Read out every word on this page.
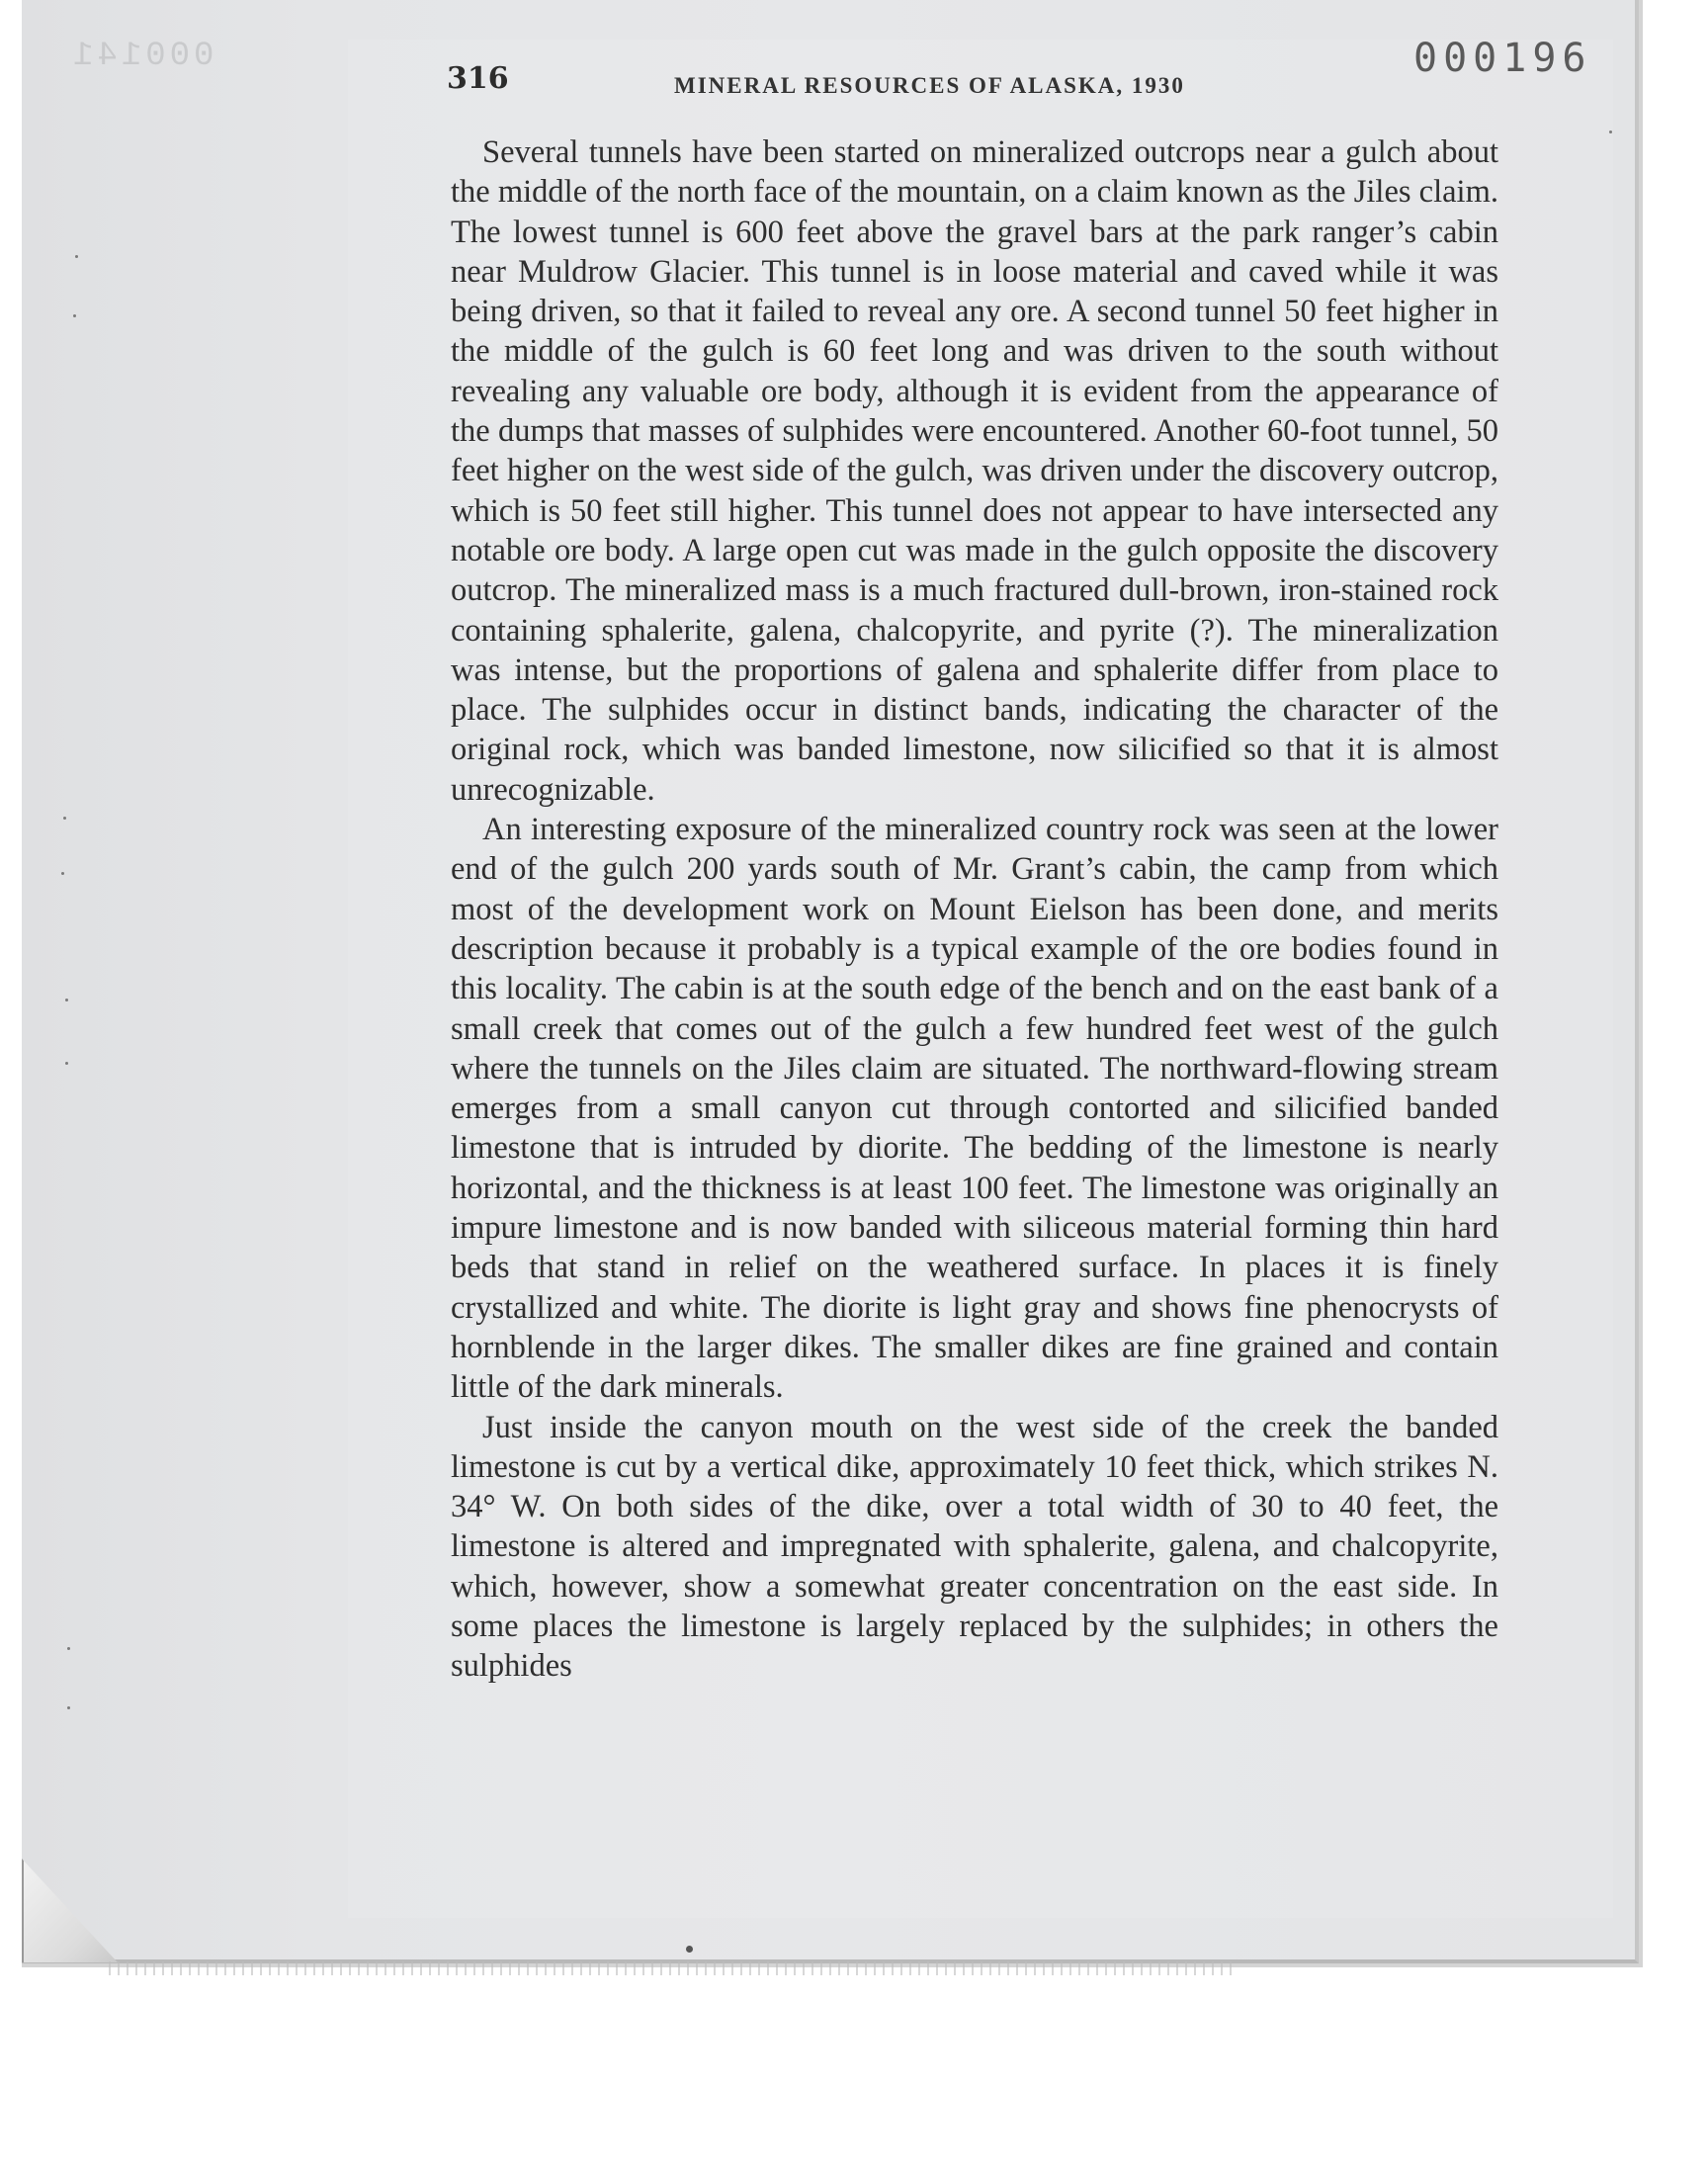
000141	000196
316	MINERAL RESOURCES OF ALASKA, 1930

Several tunnels have been started on mineralized outcrops near a gulch about the middle of the north face of the mountain, on a claim known as the Jiles claim. The lowest tunnel is 600 feet above the gravel bars at the park ranger’s cabin near Muldrow Glacier. This tunnel is in loose material and caved while it was being driven, so that it failed to reveal any ore. A second tunnel 50 feet higher in the middle of the gulch is 60 feet long and was driven to the south without revealing any valuable ore body, although it is evident from the appearance of the dumps that masses of sulphides were encountered. Another 60-foot tunnel, 50 feet higher on the west side of the gulch, was driven under the discovery outcrop, which is 50 feet still higher. This tunnel does not appear to have intersected any notable ore body. A large open cut was made in the gulch opposite the discovery outcrop. The mineralized mass is a much fractured dull-brown, iron-stained rock containing sphalerite, galena, chalcopyrite, and pyrite (?). The mineralization was intense, but the proportions of galena and sphalerite differ from place to place. The sulphides occur in distinct bands, indicating the character of the original rock, which was banded limestone, now silicified so that it is almost unrecognizable.

An interesting exposure of the mineralized country rock was seen at the lower end of the gulch 200 yards south of Mr. Grant’s cabin, the camp from which most of the development work on Mount Eielson has been done, and merits description because it probably is a typical example of the ore bodies found in this locality. The cabin is at the south edge of the bench and on the east bank of a small creek that comes out of the gulch a few hundred feet west of the gulch where the tunnels on the Jiles claim are situated. The northward-flowing stream emerges from a small canyon cut through contorted and silicified banded limestone that is intruded by diorite. The bedding of the limestone is nearly horizontal, and the thickness is at least 100 feet. The limestone was originally an impure limestone and is now banded with siliceous material forming thin hard beds that stand in relief on the weathered surface. In places it is finely crystallized and white. The diorite is light gray and shows fine phenocrysts of hornblende in the larger dikes. The smaller dikes are fine grained and contain little of the dark minerals.

Just inside the canyon mouth on the west side of the creek the banded limestone is cut by a vertical dike, approximately 10 feet thick, which strikes N. 34° W. On both sides of the dike, over a total width of 30 to 40 feet, the limestone is altered and impregnated with sphalerite, galena, and chalcopyrite, which, however, show a somewhat greater concentration on the east side. In some places the limestone is largely replaced by the sulphides; in others the sulphides
